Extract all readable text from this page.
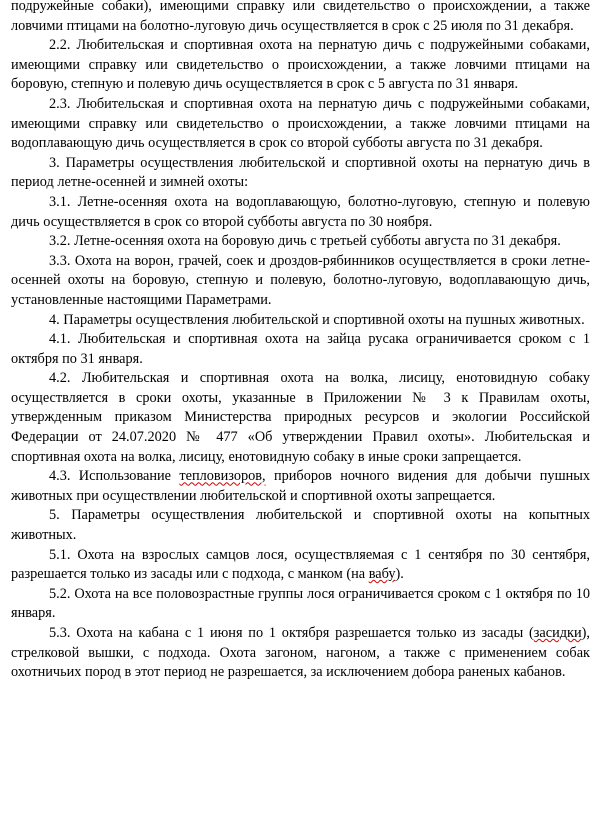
подружейные собаки), имеющими справку или свидетельство о происхождении, а также ловчими птицами на болотно-луговую дичь осуществляется в срок с 25 июля по 31 декабря.

2.2. Любительская и спортивная охота на пернатую дичь с подружейными собаками, имеющими справку или свидетельство о происхождении, а также ловчими птицами на боровую, степную и полевую дичь осуществляется в срок с 5 августа по 31 января.

2.3. Любительская и спортивная охота на пернатую дичь с подружейными собаками, имеющими справку или свидетельство о происхождении, а также ловчими птицами на водоплавающую дичь осуществляется в срок со второй субботы августа по 31 декабря.

3. Параметры осуществления любительской и спортивной охоты на пернатую дичь в период летне-осенней и зимней охоты:

3.1. Летне-осенняя охота на водоплавающую, болотно-луговую, степную и полевую дичь осуществляется в срок со второй субботы августа по 30 ноября.

3.2. Летне-осенняя охота на боровую дичь с третьей субботы августа по 31 декабря.

3.3. Охота на ворон, грачей, соек и дроздов-рябинников осуществляется в сроки летне-осенней охоты на боровую, степную и полевую, болотно-луговую, водоплавающую дичь, установленные настоящими Параметрами.

4. Параметры осуществления любительской и спортивной охоты на пушных животных.

4.1. Любительская и спортивная охота на зайца русака ограничивается сроком с 1 октября по 31 января.

4.2. Любительская и спортивная охота на волка, лисицу, енотовидную собаку осуществляется в сроки охоты, указанные в Приложении № 3 к Правилам охоты, утвержденным приказом Министерства природных ресурсов и экологии Российской Федерации от 24.07.2020 № 477 «Об утверждении Правил охоты». Любительская и спортивная охота на волка, лисицу, енотовидную собаку в иные сроки запрещается.

4.3. Использование тепловизоров, приборов ночного видения для добычи пушных животных при осуществлении любительской и спортивной охоты запрещается.

5. Параметры осуществления любительской и спортивной охоты на копытных животных.

5.1. Охота на взрослых самцов лося, осуществляемая с 1 сентября по 30 сентября, разрешается только из засады или с подхода, с манком (на вабу).

5.2. Охота на все половозрастные группы лося ограничивается сроком с 1 октября по 10 января.

5.3. Охота на кабана с 1 июня по 1 октября разрешается только из засады (засидки), стрелковой вышки, с подхода. Охота загоном, нагоном, а также с применением собак охотничьих пород в этот период не разрешается, за исключением добора раненых кабанов.
